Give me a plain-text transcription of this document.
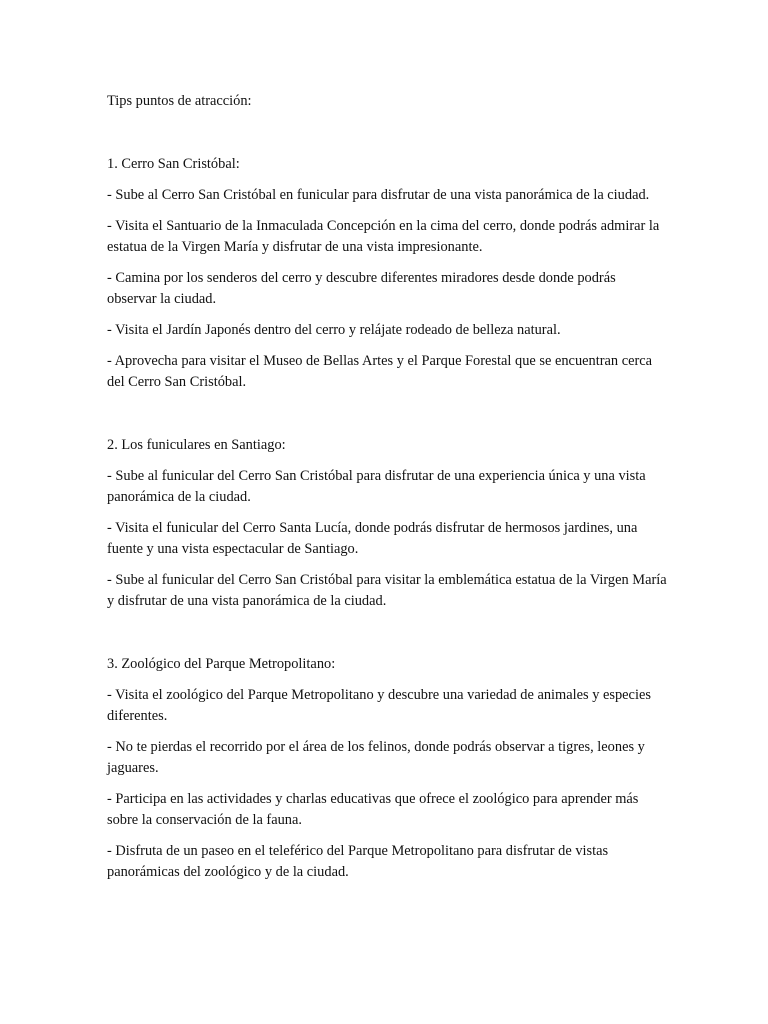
Tips puntos de atracción:

1. Cerro San Cristóbal:

- Sube al Cerro San Cristóbal en funicular para disfrutar de una vista panorámica de la ciudad.

- Visita el Santuario de la Inmaculada Concepción en la cima del cerro, donde podrás admirar la estatua de la Virgen María y disfrutar de una vista impresionante.

- Camina por los senderos del cerro y descubre diferentes miradores desde donde podrás observar la ciudad.

- Visita el Jardín Japonés dentro del cerro y relájate rodeado de belleza natural.

- Aprovecha para visitar el Museo de Bellas Artes y el Parque Forestal que se encuentran cerca del Cerro San Cristóbal.

2. Los funiculares en Santiago:

- Sube al funicular del Cerro San Cristóbal para disfrutar de una experiencia única y una vista panorámica de la ciudad.

- Visita el funicular del Cerro Santa Lucía, donde podrás disfrutar de hermosos jardines, una fuente y una vista espectacular de Santiago.

- Sube al funicular del Cerro San Cristóbal para visitar la emblemática estatua de la Virgen María y disfrutar de una vista panorámica de la ciudad.

3. Zoológico del Parque Metropolitano:

- Visita el zoológico del Parque Metropolitano y descubre una variedad de animales y especies diferentes.

- No te pierdas el recorrido por el área de los felinos, donde podrás observar a tigres, leones y jaguares.

- Participa en las actividades y charlas educativas que ofrece el zoológico para aprender más sobre la conservación de la fauna.

- Disfruta de un paseo en el teleférico del Parque Metropolitano para disfrutar de vistas panorámicas del zoológico y de la ciudad.
